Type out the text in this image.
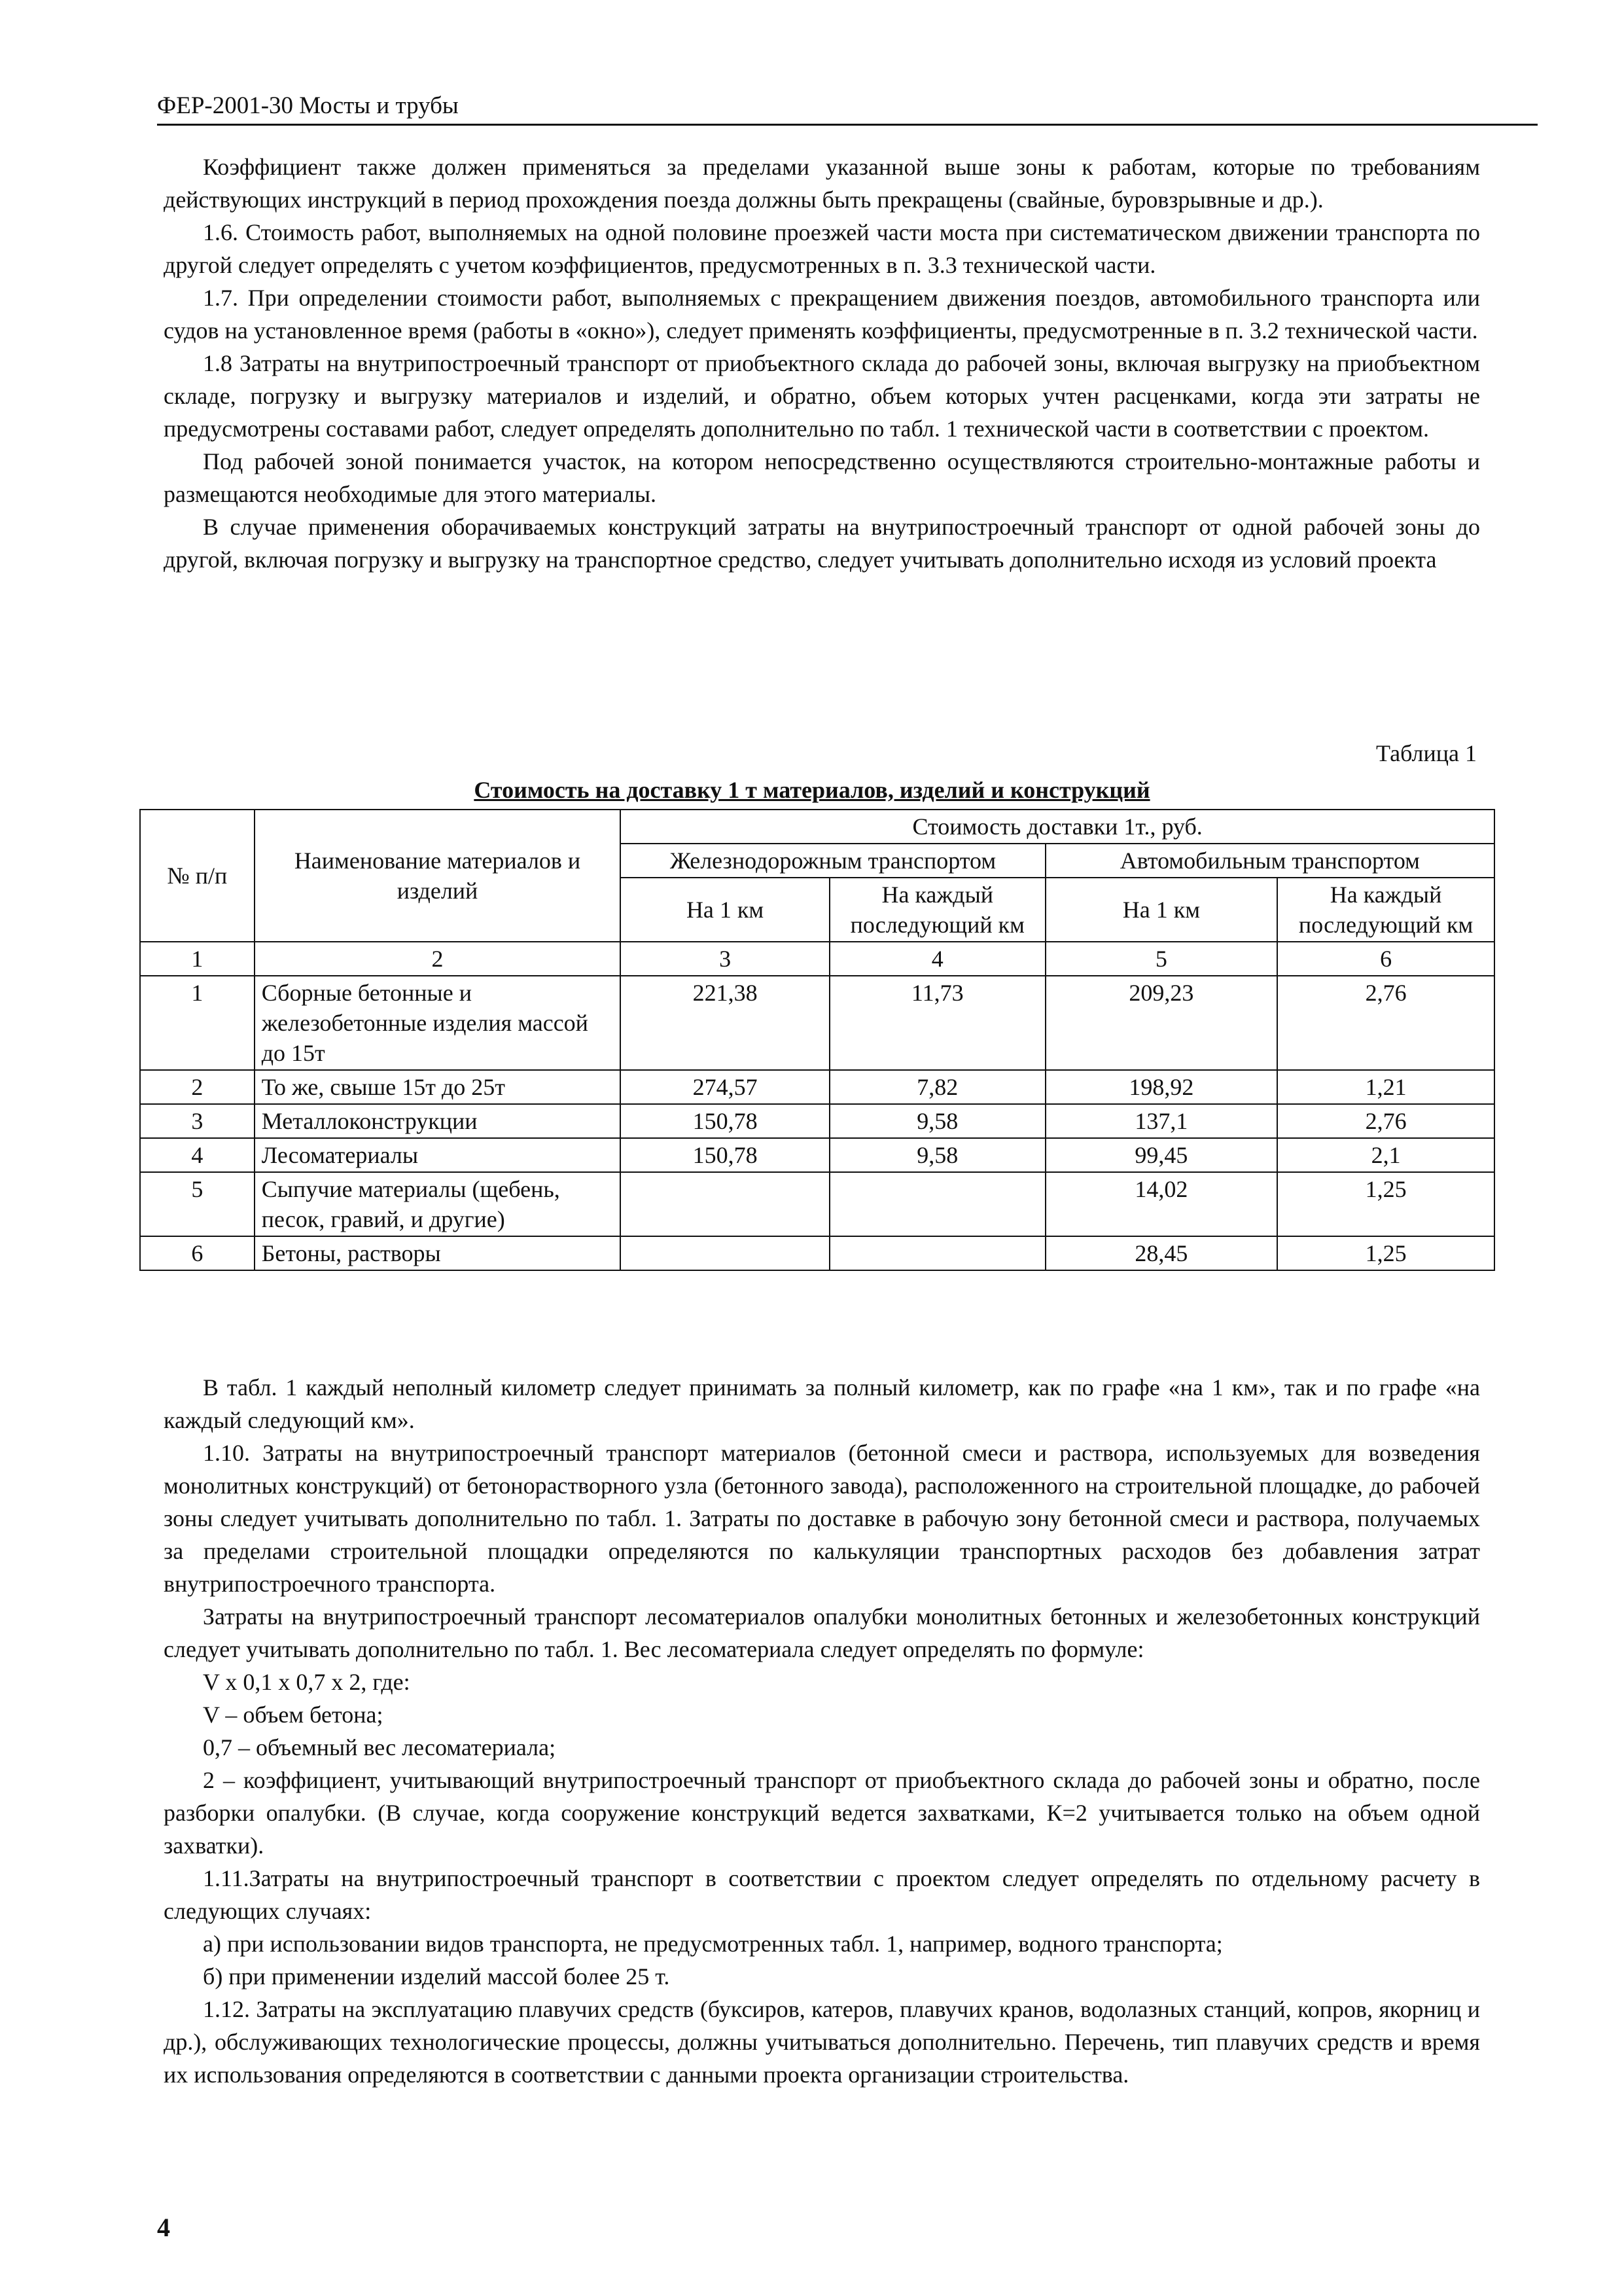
ФЕР-2001-30 Мосты и трубы

Коэффициент также должен применяться за пределами указанной выше зоны к работам, которые по требованиям действующих инструкций в период прохождения поезда должны быть прекращены (свайные, буровзрывные и др.).

1.6. Стоимость работ, выполняемых на одной половине проезжей части моста при систематическом движении транспорта по другой следует определять с учетом коэффициентов, предусмотренных в п. 3.3 технической части.

1.7. При определении стоимости работ, выполняемых с прекращением движения поездов, автомобильного транспорта или судов на установленное время (работы в «окно»), следует применять коэффициенты, предусмотренные в п. 3.2 технической части.

1.8 Затраты на внутрипостроечный транспорт от приобъектного склада до рабочей зоны, включая выгрузку на приобъектном складе, погрузку и выгрузку материалов и изделий, и обратно, объем которых учтен расценками, когда эти затраты не предусмотрены составами работ, следует определять дополнительно по табл. 1 технической части в соответствии с проектом.

Под рабочей зоной понимается участок, на котором непосредственно осуществляются строительно-монтажные работы и размещаются необходимые для этого материалы.

В случае применения оборачиваемых конструкций затраты на внутрипостроечный транспорт от одной рабочей зоны до другой, включая погрузку и выгрузку на транспортное средство, следует учитывать дополнительно исходя из условий проекта

Таблица 1
Стоимость на доставку 1 т материалов, изделий и конструкций
№ п/п	Наименование материалов и изделий	Стоимость доставки 1т., руб.			
		Железнодорожным транспортом		Автомобильным транспортом	
		На 1 км	На каждый последующий км	На 1 км	На каждый последующий км
1	2	3	4	5	6
1	Сборные бетонные и железобетонные изделия массой до 15т	221,38	11,73	209,23	2,76
2	То же, свыше 15т до 25т	274,57	7,82	198,92	1,21
3	Металлоконструкции	150,78	9,58	137,1	2,76
4	Лесоматериалы	150,78	9,58	99,45	2,1
5	Сыпучие материалы (щебень, песок, гравий, и другие)			14,02	1,25
6	Бетоны, растворы			28,45	1,25

В табл. 1 каждый неполный километр следует принимать за полный километр, как по графе «на 1 км», так и по графе «на каждый следующий км».

1.10. Затраты на внутрипостроечный транспорт материалов (бетонной смеси и раствора, используемых для возведения монолитных конструкций) от бетонорастворного узла (бетонного завода), расположенного на строительной площадке, до рабочей зоны следует учитывать дополнительно по табл. 1. Затраты по доставке в рабочую зону бетонной смеси и раствора, получаемых за пределами строительной площадки определяются по калькуляции транспортных расходов без добавления затрат внутрипостроечного транспорта.

Затраты на внутрипостроечный транспорт лесоматериалов опалубки монолитных бетонных и железобетонных конструкций следует учитывать дополнительно по табл. 1. Вес лесоматериала следует определять по формуле:

V х 0,1 х 0,7 х 2, где:

V – объем бетона;

0,7 – объемный вес лесоматериала;

2 – коэффициент, учитывающий внутрипостроечный транспорт от приобъектного склада до рабочей зоны и обратно, после разборки опалубки. (В случае, когда сооружение конструкций ведется захватками, К=2 учитывается только на объем одной захватки).

1.11.Затраты на внутрипостроечный транспорт в соответствии с проектом следует определять по отдельному расчету в следующих случаях:

а) при использовании видов транспорта, не предусмотренных табл. 1, например, водного транспорта;

б) при применении изделий массой более 25 т.

1.12. Затраты на эксплуатацию плавучих средств (буксиров, катеров, плавучих кранов, водолазных станций, копров, якорниц и др.), обслуживающих технологические процессы, должны учитываться дополнительно. Перечень, тип плавучих средств и время их использования определяются в соответствии с данными проекта организации строительства.

4
